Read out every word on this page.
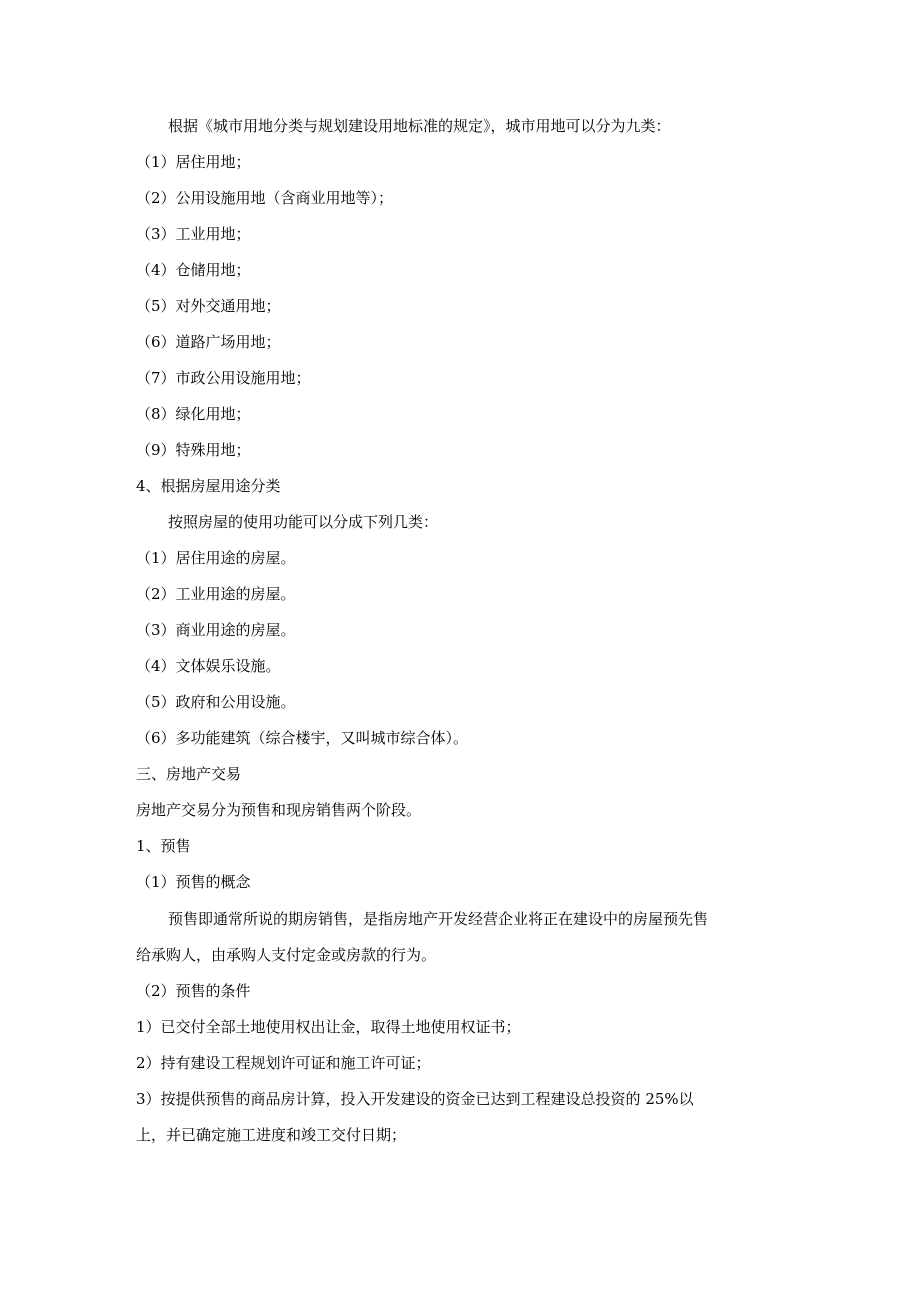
根据《城市用地分类与规划建设用地标准的规定》，城市用地可以分为九类：
（1）居住用地；
（2）公用设施用地（含商业用地等）；
（3）工业用地；
（4）仓储用地；
（5）对外交通用地；
（6）道路广场用地；
（7）市政公用设施用地；
（8）绿化用地；
（9）特殊用地；
4、根据房屋用途分类
按照房屋的使用功能可以分成下列几类：
（1）居住用途的房屋。
（2）工业用途的房屋。
（3）商业用途的房屋。
（4）文体娱乐设施。
（5）政府和公用设施。
（6）多功能建筑（综合楼宇，又叫城市综合体）。
三、房地产交易
房地产交易分为预售和现房销售两个阶段。
1、预售
（1）预售的概念
预售即通常所说的期房销售，是指房地产开发经营企业将正在建设中的房屋预先售
给承购人，由承购人支付定金或房款的行为。
（2）预售的条件
1）已交付全部土地使用权出让金，取得土地使用权证书；
2）持有建设工程规划许可证和施工许可证；
3）按提供预售的商品房计算，投入开发建设的资金已达到工程建设总投资的 25%以
上，并已确定施工进度和竣工交付日期；
